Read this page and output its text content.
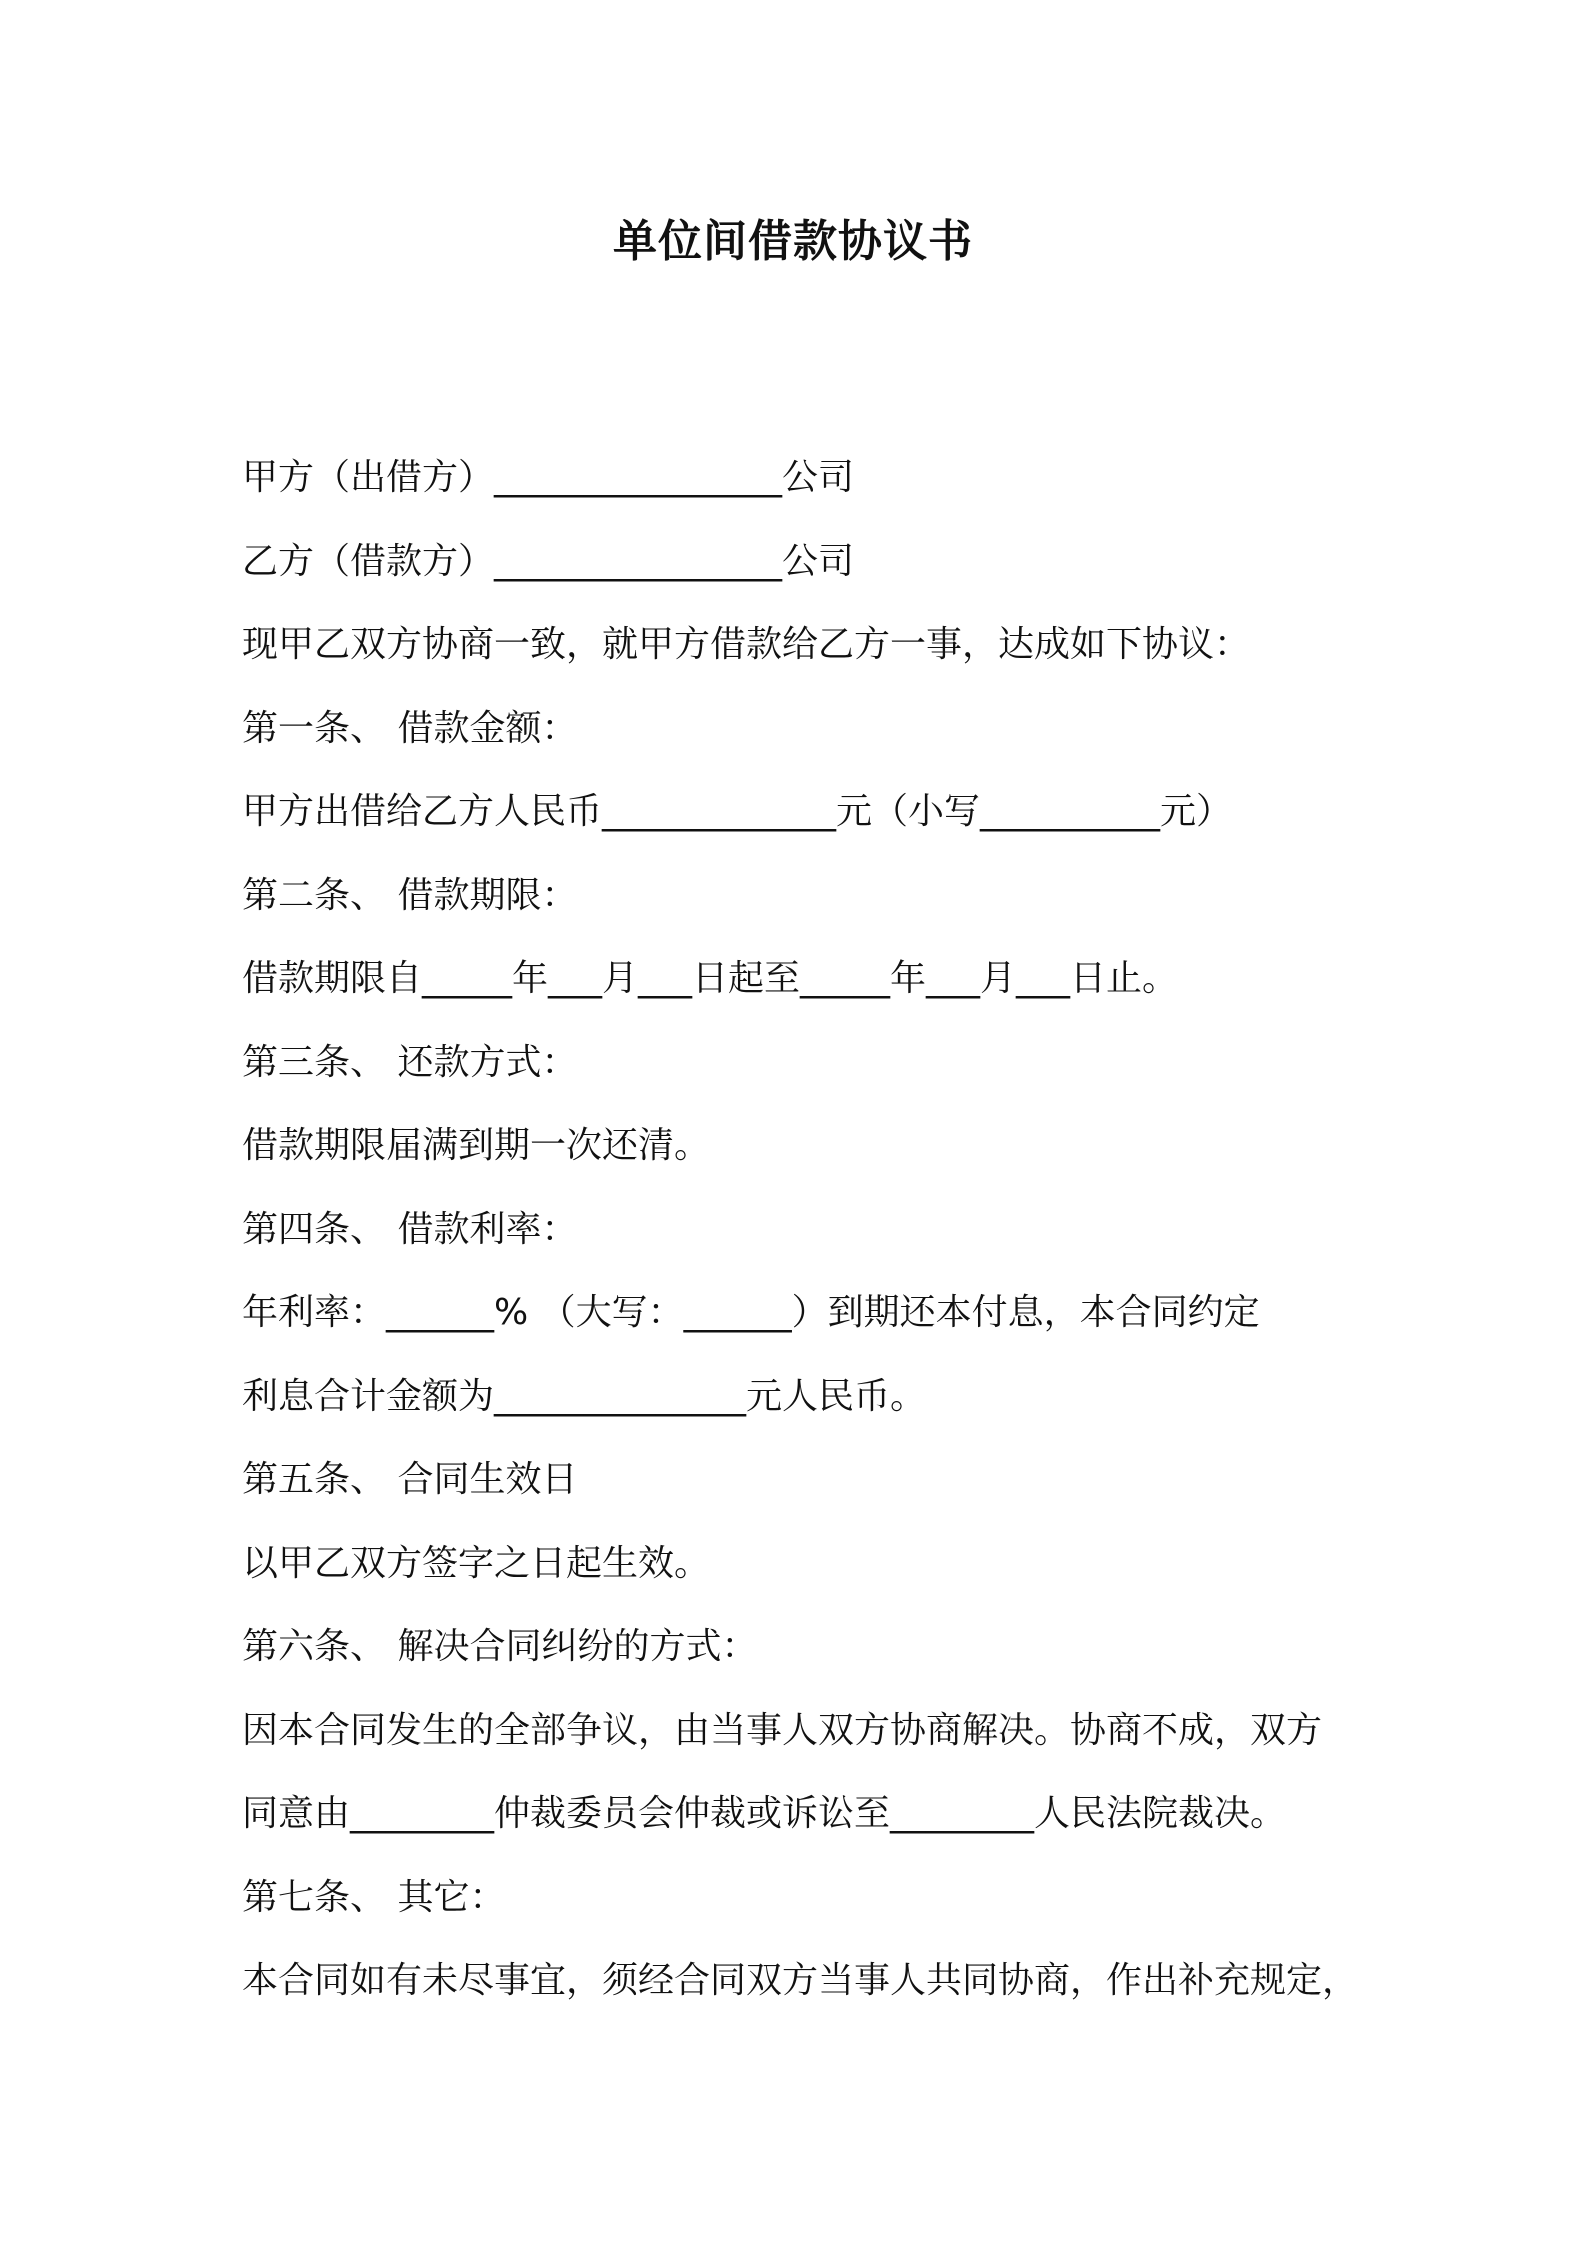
单位间借款协议书
甲方（出借方）________________公司
乙方（借款方）________________公司
现甲乙双方协商一致，就甲方借款给乙方一事，达成如下协议：
第一条、 借款金额：
甲方出借给乙方人民币_____________元（小写__________元）
第二条、 借款期限：
借款期限自_____年___月___日起至_____年___月___日止。
第三条、 还款方式：
借款期限届满到期一次还清。
第四条、 借款利率：
年利率：______% （大写：______）到期还本付息，本合同约定
利息合计金额为______________元人民币。
第五条、 合同生效日
以甲乙双方签字之日起生效。
第六条、 解决合同纠纷的方式：
因本合同发生的全部争议，由当事人双方协商解决。协商不成，双方
同意由________仲裁委员会仲裁或诉讼至________人民法院裁决。
第七条、 其它：
本合同如有未尽事宜，须经合同双方当事人共同协商，作出补充规定，
